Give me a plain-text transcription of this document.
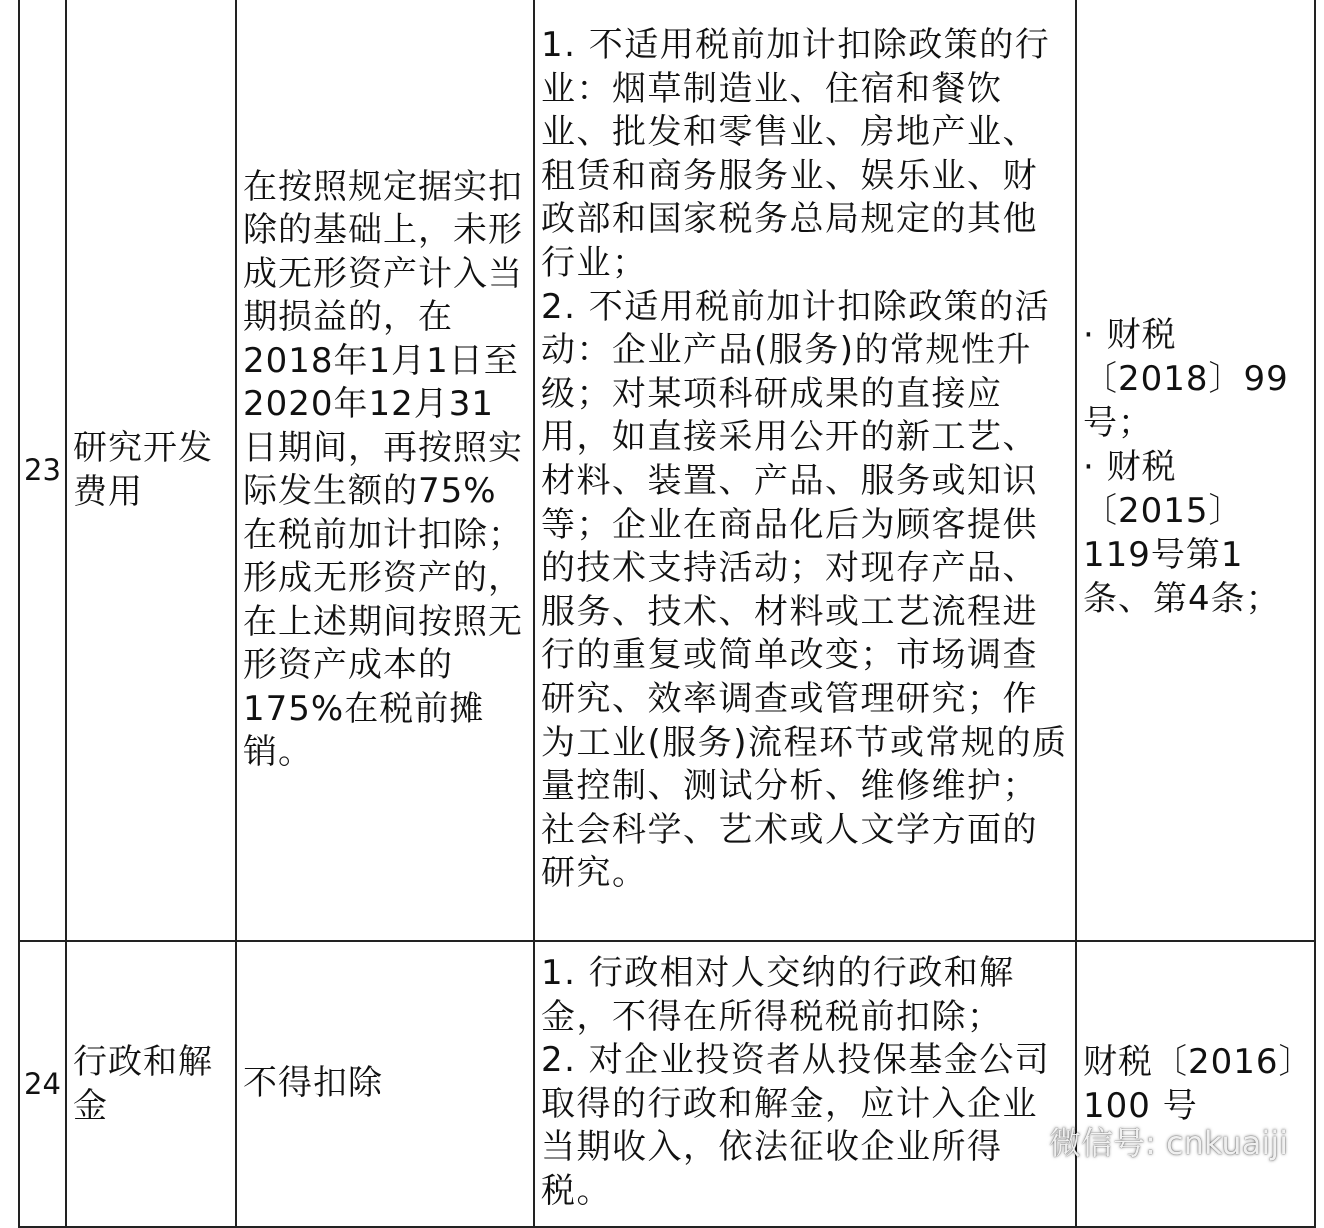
23	研究开发费用	在按照规定据实扣除的基础上，未形成无形资产计入当期损益的，在2018年1月1日至2020年12月31日期间，再按照实际发生额的75%在税前加计扣除；形成无形资产的，在上述期间按照无形资产成本的175%在税前摊销。	1. 不适用税前加计扣除政策的行业：烟草制造业、住宿和餐饮业、批发和零售业、房地产业、租赁和商务服务业、娱乐业、财政部和国家税务总局规定的其他行业；
2. 不适用税前加计扣除政策的活动：企业产品(服务)的常规性升级；对某项科研成果的直接应用，如直接采用公开的新工艺、材料、装置、产品、服务或知识等；企业在商品化后为顾客提供的技术支持活动；对现存产品、服务、技术、材料或工艺流程进行的重复或简单改变；市场调查研究、效率调查或管理研究；作为工业(服务)流程环节或常规的质量控制、测试分析、维修维护；社会科学、艺术或人文学方面的研究。	· 财税〔2018〕99号；
· 财税〔2015〕119号第1条、第4条；

24	行政和解金	不得扣除	1. 行政相对人交纳的行政和解金，不得在所得税税前扣除；
2. 对企业投资者从投保基金公司取得的行政和解金，应计入企业当期收入，依法征收企业所得税。	财税〔2016〕100 号
微信号: cnkuaiji
